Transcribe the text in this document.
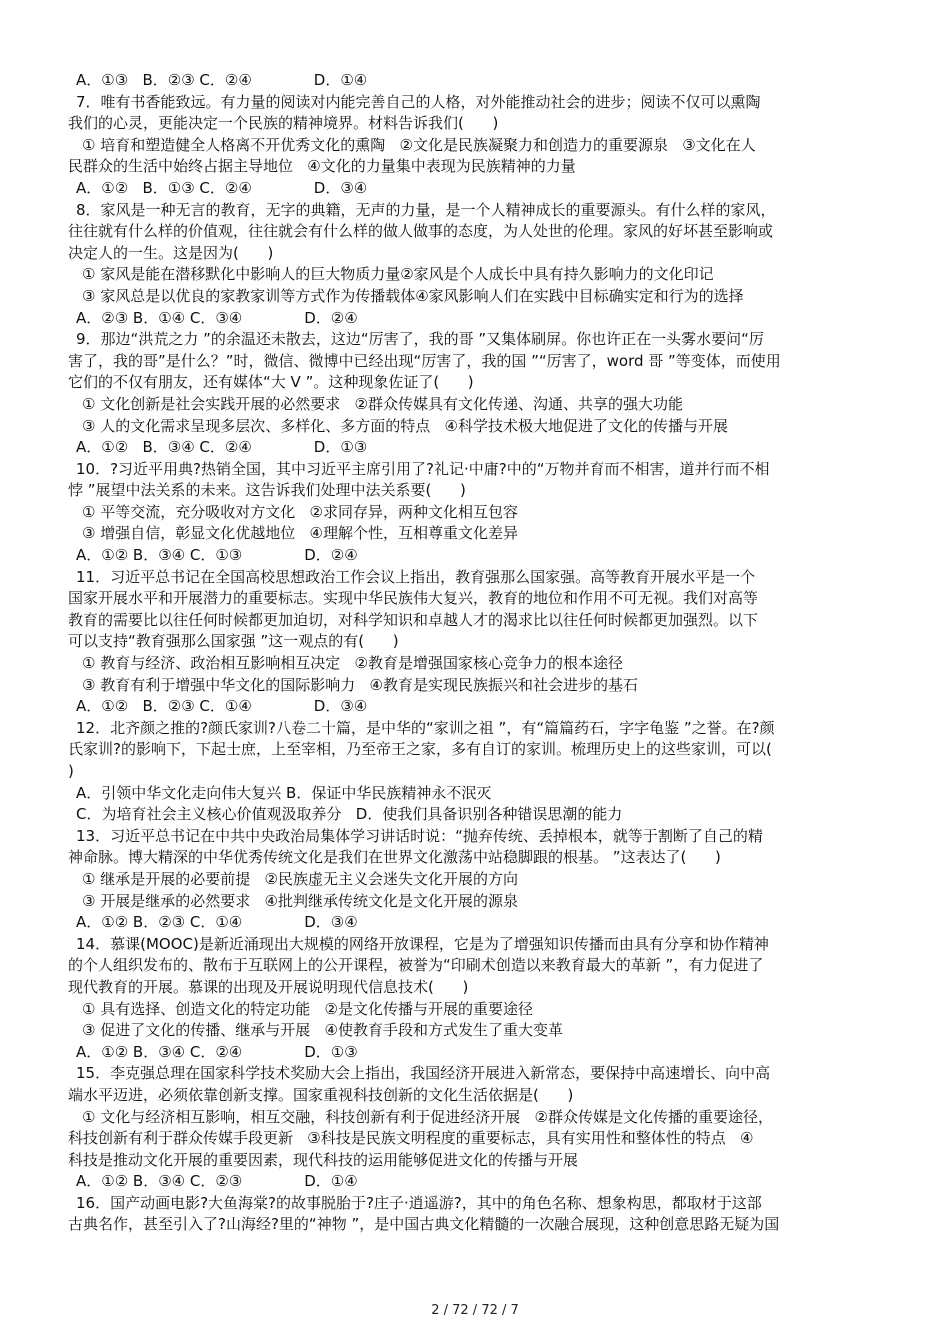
A．①③   B．②③ C．②④             D．①④
7．唯有书香能致远。有力量的阅读对内能完善自己的人格，对外能推动社会的进步；阅读不仅可以熏陶
我们的心灵，更能决定一个民族的精神境界。材料告诉我们(      )
① 培育和塑造健全人格离不开优秀文化的熏陶   ②文化是民族凝聚力和创造力的重要源泉   ③文化在人
民群众的生活中始终占据主导地位   ④文化的力量集中表现为民族精神的力量
A．①②   B．①③ C．②④             D．③④
8．家风是一种无言的教育，无字的典籍，无声的力量，是一个人精神成长的重要源头。有什么样的家风，
往往就有什么样的价值观，往往就会有什么样的做人做事的态度，为人处世的伦理。家风的好坏甚至影响或
决定人的一生。这是因为(      )
① 家风是能在潜移默化中影响人的巨大物质力量②家风是个人成长中具有持久影响力的文化印记
③ 家风总是以优良的家教家训等方式作为传播载体④家风影响人们在实践中目标确实定和行为的选择
A．②③ B．①④ C．③④             D．②④
9．那边“洪荒之力 ”的余温还未散去，这边“厉害了，我的哥 ”又集体刷屏。你也许正在一头雾水要问“厉
害了，我的哥”是什么？”时，微信、微博中已经出现“厉害了，我的国 ”“厉害了，word 哥 ”等变体，而使用
它们的不仅有朋友，还有媒体“大 V ”。这种现象佐证了(      )
① 文化创新是社会实践开展的必然要求   ②群众传媒具有文化传递、沟通、共享的强大功能
③ 人的文化需求呈现多层次、多样化、多方面的特点   ④科学技术极大地促进了文化的传播与开展
A．①②   B．③④ C．②④             D．①③
10．?习近平用典?热销全国，其中习近平主席引用了?礼记·中庸?中的“万物并育而不相害，道并行而不相
悖 ”展望中法关系的未来。这告诉我们处理中法关系要(      )
① 平等交流，充分吸收对方文化   ②求同存异，两种文化相互包容
③ 增强自信，彰显文化优越地位   ④理解个性，互相尊重文化差异
A．①② B．③④ C．①③             D．②④
11．习近平总书记在全国高校思想政治工作会议上指出，教育强那么国家强。高等教育开展水平是一个
国家开展水平和开展潜力的重要标志。实现中华民族伟大复兴，教育的地位和作用不可无视。我们对高等
教育的需要比以往任何时候都更加迫切，对科学知识和卓越人才的渴求比以往任何时候都更加强烈。以下
可以支持“教育强那么国家强 ”这一观点的有(      )
① 教育与经济、政治相互影响相互决定   ②教育是增强国家核心竞争力的根本途径
③ 教育有利于增强中华文化的国际影响力   ④教育是实现民族振兴和社会进步的基石
A．①②   B．②③ C．①④             D．③④
12．北齐颜之推的?颜氏家训?八卷二十篇，是中华的“家训之祖 ”，有“篇篇药石，字字龟鉴 ”之誉。在?颜
氏家训?的影响下，下起士庶，上至宰相，乃至帝王之家，多有自订的家训。梳理历史上的这些家训，可以(
)
A．引领中华文化走向伟大复兴 B．保证中华民族精神永不泯灭
C．为培育社会主义核心价值观汲取养分   D．使我们具备识别各种错误思潮的能力
13．习近平总书记在中共中央政治局集体学习讲话时说：“抛弃传统、丢掉根本，就等于割断了自己的精
神命脉。博大精深的中华优秀传统文化是我们在世界文化激荡中站稳脚跟的根基。 ”这表达了(      )
① 继承是开展的必要前提   ②民族虚无主义会迷失文化开展的方向
③ 开展是继承的必然要求   ④批判继承传统文化是文化开展的源泉
A．①② B．②③ C．①④             D．③④
14．慕课(MOOC)是新近涌现出大规模的网络开放课程，它是为了增强知识传播而由具有分享和协作精神
的个人组织发布的、散布于互联网上的公开课程，被誉为“印刷术创造以来教育最大的革新 ”，有力促进了
现代教育的开展。慕课的出现及开展说明现代信息技术(      )
① 具有选择、创造文化的特定功能   ②是文化传播与开展的重要途径
③ 促进了文化的传播、继承与开展   ④使教育手段和方式发生了重大变革
A．①② B．③④ C．②④             D．①③
15．李克强总理在国家科学技术奖励大会上指出，我国经济开展进入新常态，要保持中高速增长、向中高
端水平迈进，必须依靠创新支撑。国家重视科技创新的文化生活依据是(      )
① 文化与经济相互影响，相互交融，科技创新有利于促进经济开展   ②群众传媒是文化传播的重要途径，
科技创新有利于群众传媒手段更新   ③科技是民族文明程度的重要标志，具有实用性和整体性的特点   ④
科技是推动文化开展的重要因素，现代科技的运用能够促进文化的传播与开展
A．①② B．③④ C．②③             D．①④
16．国产动画电影?大鱼海棠?的故事脱胎于?庄子·逍遥游?，其中的角色名称、想象构思，都取材于这部
古典名作，甚至引入了?山海经?里的“神物 ”，是中国古典文化精髓的一次融合展现，这种创意思路无疑为国
2 / 72 / 72 / 7
